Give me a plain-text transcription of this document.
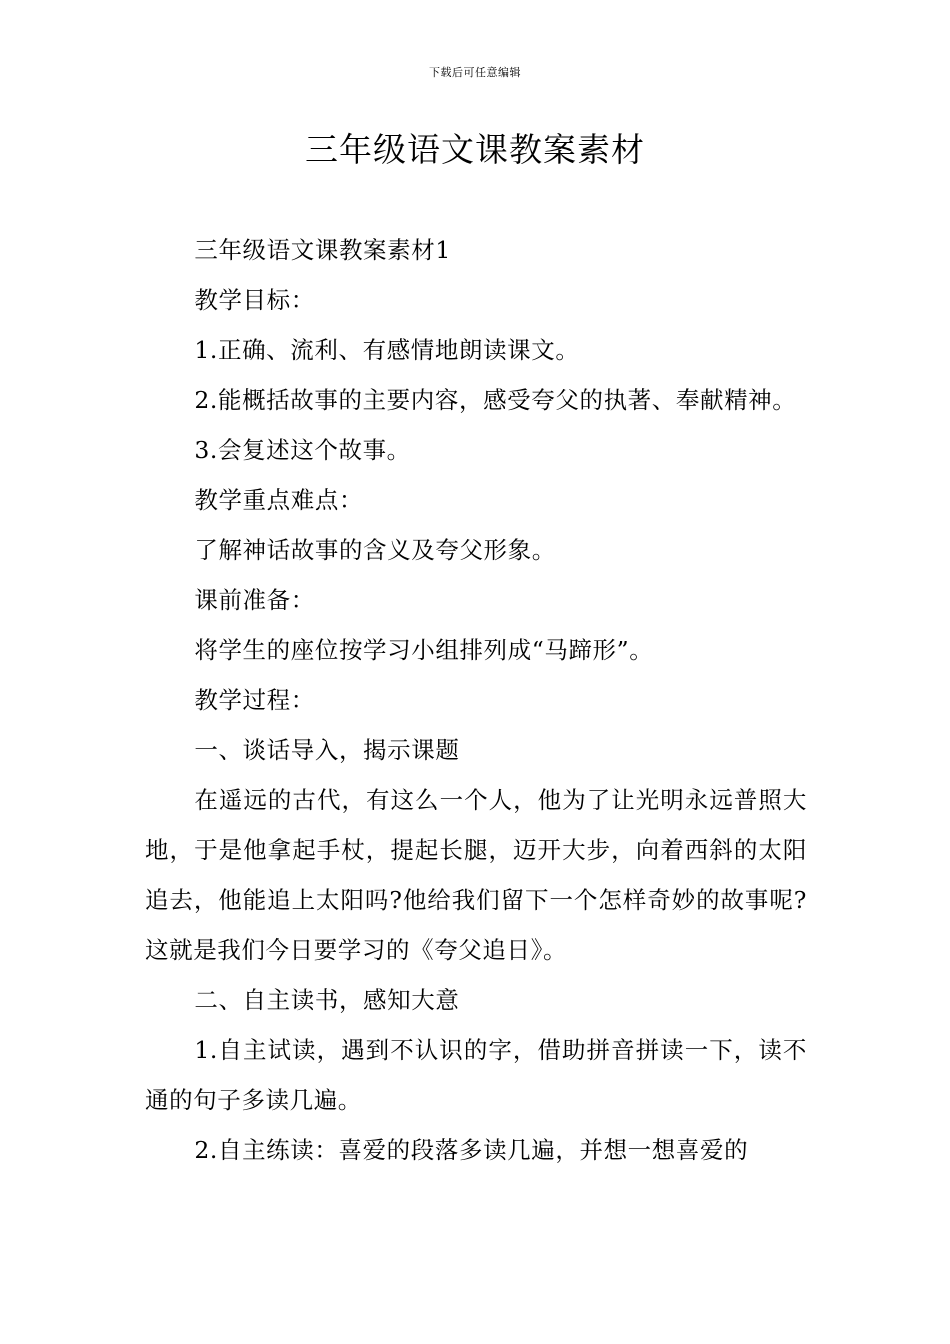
下载后可任意编辑
三年级语文课教案素材

三年级语文课教案素材1

教学目标：

1.正确、流利、有感情地朗读课文。

2.能概括故事的主要内容，感受夸父的执著、奉献精神。

3.会复述这个故事。

教学重点难点：

了解神话故事的含义及夸父形象。

课前准备：

将学生的座位按学习小组排列成“马蹄形”。

教学过程：

一、谈话导入，揭示课题

在遥远的古代，有这么一个人，他为了让光明永远普照大地，于是他拿起手杖，提起长腿，迈开大步，向着西斜的太阳追去，他能追上太阳吗?他给我们留下一个怎样奇妙的故事呢?这就是我们今日要学习的《夸父追日》。

二、自主读书，感知大意

1.自主试读，遇到不认识的字，借助拼音拼读一下，读不通的句子多读几遍。

2.自主练读：喜爱的段落多读几遍，并想一想喜爱的
